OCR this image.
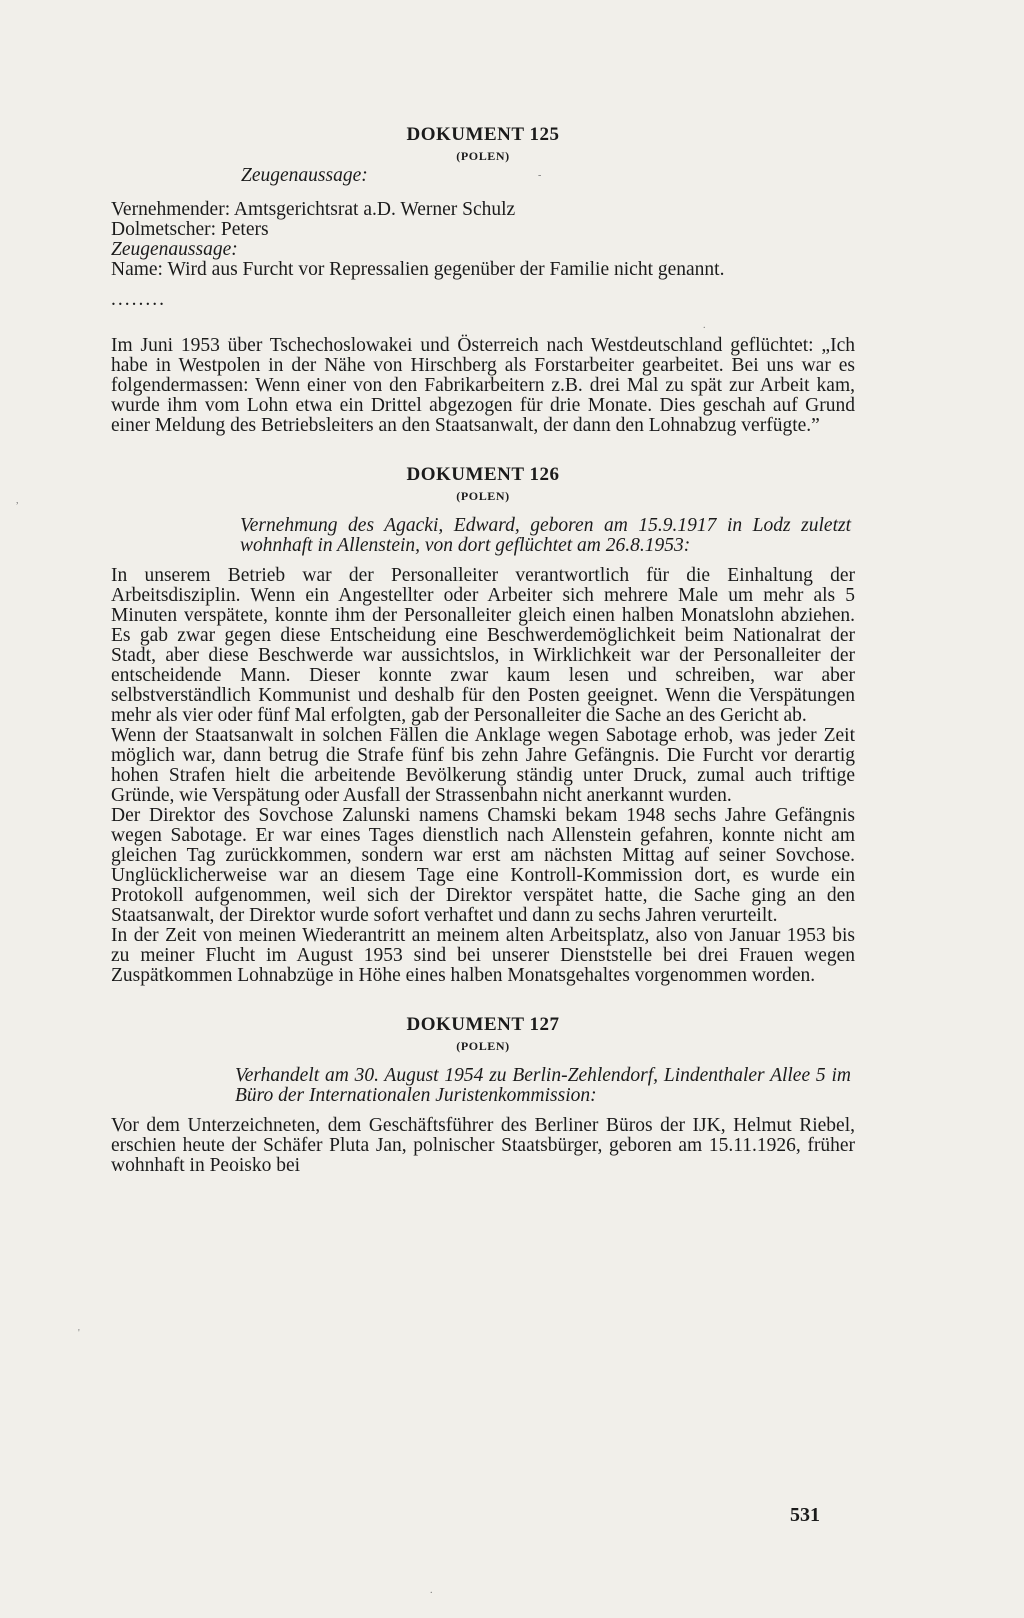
DOKUMENT 125
(POLEN)

Zeugenaussage:

Vernehmender: Amtsgerichtsrat a.D. Werner Schulz

Dolmetscher: Peters

Zeugenaussage:

Name: Wird aus Furcht vor Repressalien gegenüber der Familie nicht genannt.

........

Im Juni 1953 über Tschechoslowakei und Österreich nach Westdeutschland geflüchtet: „Ich habe in Westpolen in der Nähe von Hirschberg als Forstarbeiter gearbeitet. Bei uns war es folgendermassen: Wenn einer von den Fabrikarbeitern z.B. drei Mal zu spät zur Arbeit kam, wurde ihm vom Lohn etwa ein Drittel abgezogen für drie Monate. Dies geschah auf Grund einer Meldung des Betriebsleiters an den Staatsanwalt, der dann den Lohnabzug verfügte.”

DOKUMENT 126
(POLEN)

Vernehmung des Agacki, Edward, geboren am 15.9.1917 in Lodz zuletzt wohnhaft in Allenstein, von dort geflüchtet am 26.8.1953:

In unserem Betrieb war der Personalleiter verantwortlich für die Einhaltung der Arbeitsdisziplin. Wenn ein Angestellter oder Arbeiter sich mehrere Male um mehr als 5 Minuten verspätete, konnte ihm der Personalleiter gleich einen halben Monatslohn abziehen. Es gab zwar gegen diese Entscheidung eine Beschwerdemöglichkeit beim Nationalrat der Stadt, aber diese Beschwerde war aussichtslos, in Wirklichkeit war der Personalleiter der entscheidende Mann. Dieser konnte zwar kaum lesen und schreiben, war aber selbstverständlich Kommunist und deshalb für den Posten geeignet. Wenn die Verspätungen mehr als vier oder fünf Mal erfolgten, gab der Personalleiter die Sache an des Gericht ab.

Wenn der Staatsanwalt in solchen Fällen die Anklage wegen Sabotage erhob, was jeder Zeit möglich war, dann betrug die Strafe fünf bis zehn Jahre Gefängnis. Die Furcht vor derartig hohen Strafen hielt die arbeitende Bevölkerung ständig unter Druck, zumal auch triftige Gründe, wie Verspätung oder Ausfall der Strassenbahn nicht anerkannt wurden.

Der Direktor des Sovchose Zalunski namens Chamski bekam 1948 sechs Jahre Gefängnis wegen Sabotage. Er war eines Tages dienstlich nach Allenstein gefahren, konnte nicht am gleichen Tag zurückkommen, sondern war erst am nächsten Mittag auf seiner Sovchose. Unglücklicherweise war an diesem Tage eine Kontroll-Kommission dort, es wurde ein Protokoll aufgenommen, weil sich der Direktor verspätet hatte, die Sache ging an den Staatsanwalt, der Direktor wurde sofort verhaftet und dann zu sechs Jahren verurteilt.

In der Zeit von meinen Wiederantritt an meinem alten Arbeitsplatz, also von Januar 1953 bis zu meiner Flucht im August 1953 sind bei unserer Dienststelle bei drei Frauen wegen Zuspätkommen Lohnabzüge in Höhe eines halben Monatsgehaltes vorgenommen worden.

DOKUMENT 127
(POLEN)

Verhandelt am 30. August 1954 zu Berlin-Zehlendorf, Lindenthaler Allee 5 im Büro der Internationalen Juristenkommission:

Vor dem Unterzeichneten, dem Geschäftsführer des Berliner Büros der IJK, Helmut Riebel, erschien heute der Schäfer Pluta Jan, polnischer Staatsbürger, geboren am 15.11.1926, früher wohnhaft in Peoisko bei

531
-
.
,
'
.
